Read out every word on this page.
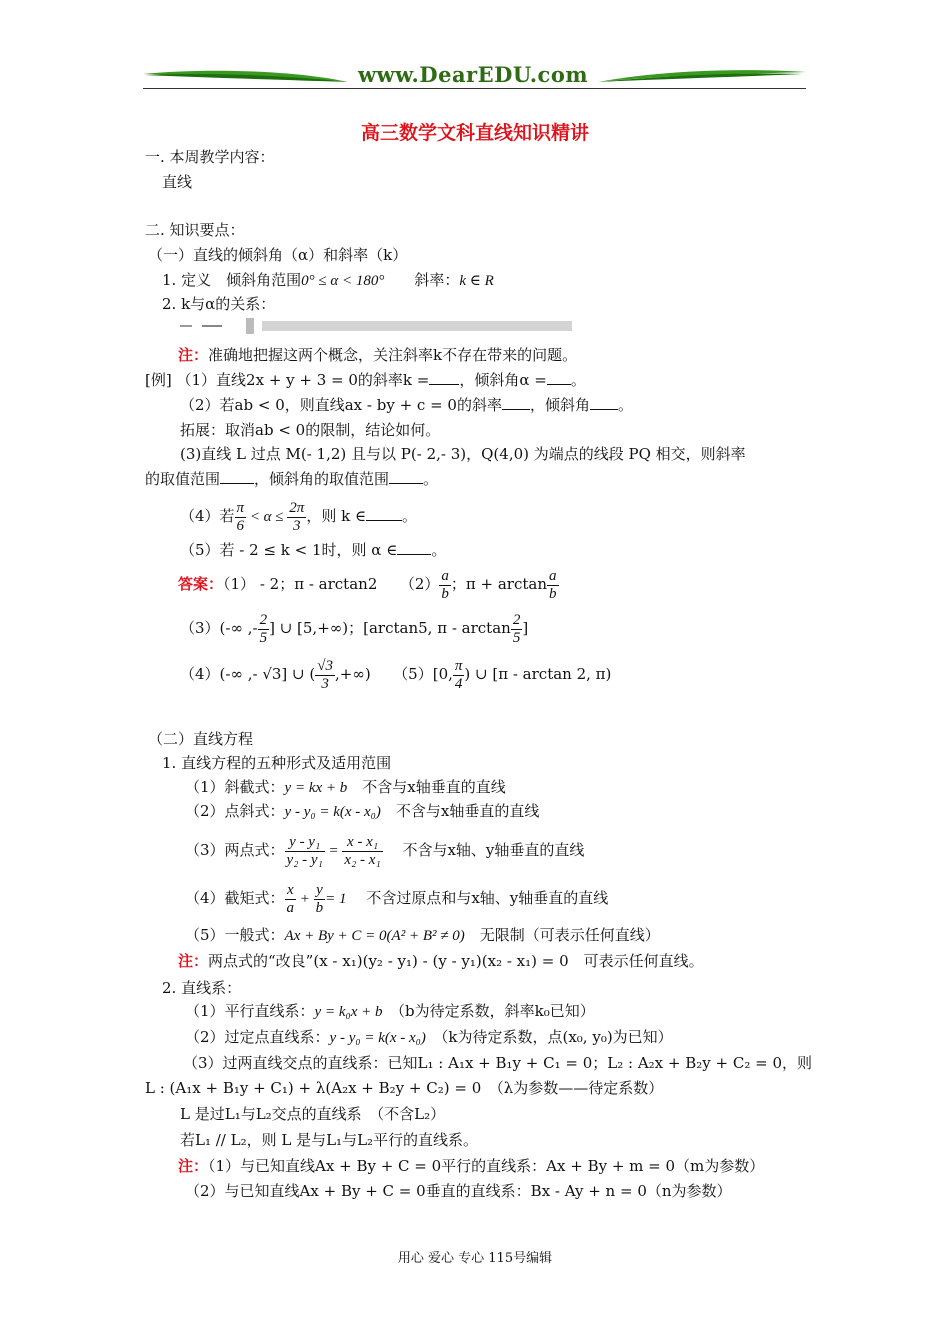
www.DearEDU.com
高三数学文科直线知识精讲
一. 本周教学内容：
直线
二. 知识要点：
（一）直线的倾斜角（α）和斜率（k）
1. 定义　倾斜角范围0° ≤ α < 180°　　 斜率：k ∈ R
2. k与α的关系：
注：准确地把握这两个概念，关注斜率k不存在带来的问题。
[例] （1）直线2x + y + 3 = 0的斜率k = ，倾斜角α = 。
（2）若ab < 0，则直线ax - by + c = 0的斜率 ，倾斜角 。
拓展：取消ab < 0的限制，结论如何。
(3)直线 L 过点 M(- 1,2) 且与以 P(- 2,- 3)，Q(4,0) 为端点的线段 PQ 相交，则斜率
的取值范围 ，倾斜角的取值范围 。
（4）若 $\frac{\pi}{6} < \alpha \le \frac{2\pi}{3}$ ，则 k ∈ 。
（5）若 - 2 ≤ k < 1时，则 α ∈ 。
答案：（1） - 2；π - arctan2　　$(2) \frac{a}{b}$ ；$\pi + \arctan \frac{a}{b}$
（3）(-∞ ,- $\frac{2}{5}$ ] ∪ [5,+∞)；[arctan5, π - $\arctan \frac{2}{5}$ ]
（4）(-∞ ,- √3] ∪ ( $\frac{√3}{3}$ ,+∞)　　（5）[0, $\frac{\pi}{4}$ ) ∪ [π - arctan 2, π)
（二）直线方程
1. 直线方程的五种形式及适用范围
（1）斜截式：y = kx + b　 不含与x轴垂直的直线
（2）点斜式：y - y₀ = k(x - x₀)　 不含与x轴垂直的直线
（3）两点式： $\frac{\text{y - y₁}}{\text{y₂ - y₁}} = \frac{\text{x - x₁}}{\text{x₂ - x₁}}$
　 不含与x轴、y轴垂直的直线
（4）截矩式： $\frac{x}{a} + \frac{y}{b} = 1$　 不含过原点和与x轴、y轴垂直的直线
（5）一般式：Ax + By + C = 0(A² + B² ≠ 0)　 无限制（可表示任何直线）
注：两点式的“改良”(x - x₁)(y₂ - y₁) - (y - y₁)(x₂ - x₁) = 0　可表示任何直线。
2. 直线系：
（1）平行直线系：y = k₀x + b　 （b为待定系数，斜率k₀已知）
（2）过定点直线系：y - y₀ = k(x - x₀)　 （k为待定系数，点(x₀, y₀)为已知）
（3）过两直线交点的直线系：已知L₁ : A₁x + B₁y + C₁ = 0；L₂ : A₂x + B₂y + C₂ = 0，则
L : (A₁x + B₁y + C₁) + λ(A₂x + B₂y + C₂) = 0　（λ为参数——待定系数）
L 是过L₁与L₂交点的直线系　（不含L₂）
若L₁ // L₂，则 L 是与L₁与L₂平行的直线系。
注：（1）与已知直线Ax + By + C = 0平行的直线系：Ax + By + m = 0（m为参数）
（2）与已知直线Ax + By + C = 0垂直的直线系：Bx - Ay + n = 0（n为参数）
用心 爱心 专心 115号编辑
